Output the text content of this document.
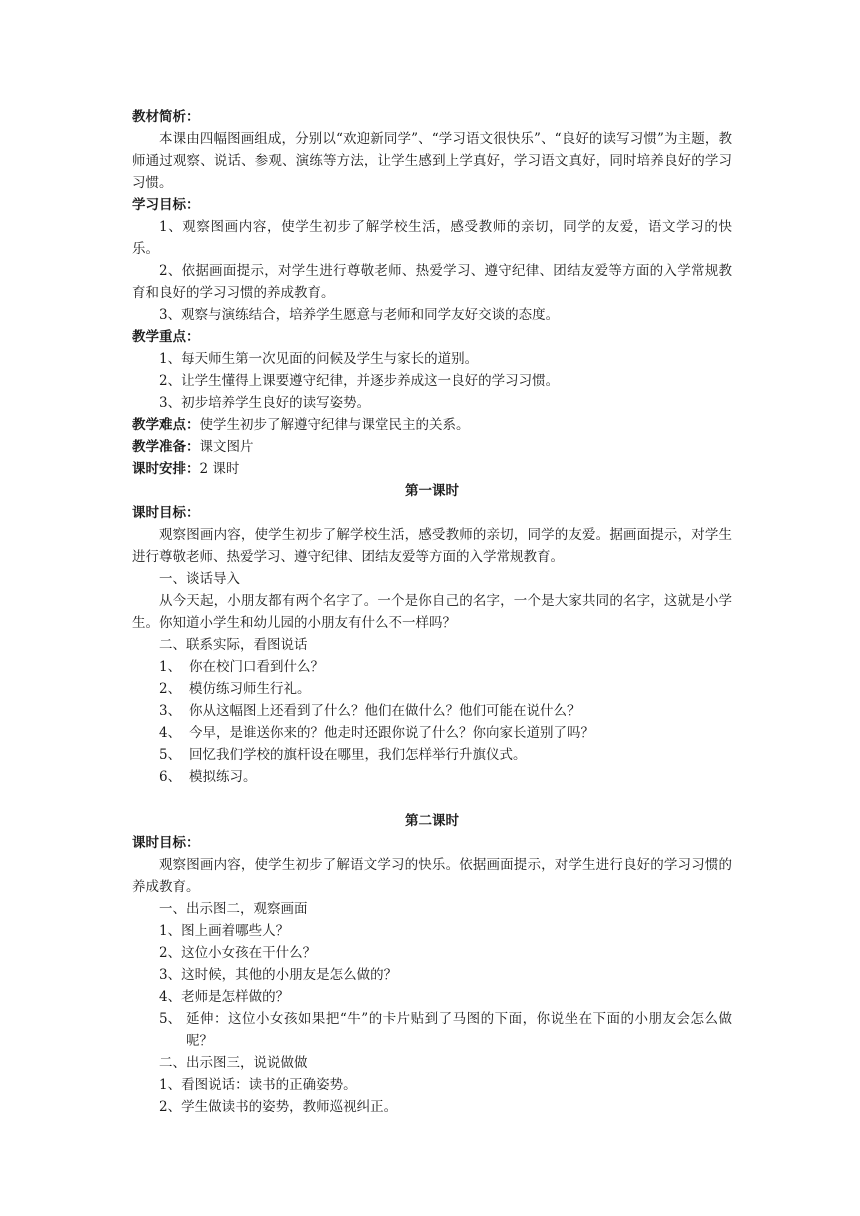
教材简析：
本课由四幅图画组成，分别以“欢迎新同学”、“学习语文很快乐”、“良好的读写习惯”为主题，教师通过观察、说话、参观、演练等方法，让学生感到上学真好，学习语文真好，同时培养良好的学习习惯。
学习目标：
1、观察图画内容，使学生初步了解学校生活，感受教师的亲切，同学的友爱，语文学习的快乐。
2、依据画面提示，对学生进行尊敬老师、热爱学习、遵守纪律、团结友爱等方面的入学常规教育和良好的学习习惯的养成教育。
3、观察与演练结合，培养学生愿意与老师和同学友好交谈的态度。
教学重点：
1、每天师生第一次见面的问候及学生与家长的道别。
2、让学生懂得上课要遵守纪律，并逐步养成这一良好的学习习惯。
3、初步培养学生良好的读写姿势。
教学难点：使学生初步了解遵守纪律与课堂民主的关系。
教学准备：课文图片
课时安排：2 课时
第一课时
课时目标：
观察图画内容，使学生初步了解学校生活，感受教师的亲切，同学的友爱。据画面提示，对学生进行尊敬老师、热爱学习、遵守纪律、团结友爱等方面的入学常规教育。
一、谈话导入
从今天起，小朋友都有两个名字了。一个是你自己的名字，一个是大家共同的名字，这就是小学生。你知道小学生和幼儿园的小朋友有什么不一样吗？
二、联系实际，看图说话
1、 你在校门口看到什么？
2、 模仿练习师生行礼。
3、 你从这幅图上还看到了什么？他们在做什么？他们可能在说什么？
4、 今早，是谁送你来的？他走时还跟你说了什么？你向家长道别了吗？
5、 回忆我们学校的旗杆设在哪里，我们怎样举行升旗仪式。
6、 模拟练习。
第二课时
课时目标：
观察图画内容，使学生初步了解语文学习的快乐。依据画面提示，对学生进行良好的学习习惯的养成教育。
一、出示图二，观察画面
1、图上画着哪些人？
2、这位小女孩在干什么？
3、这时候，其他的小朋友是怎么做的？
4、老师是怎样做的？
5、 延伸：这位小女孩如果把“牛”的卡片贴到了马图的下面，你说坐在下面的小朋友会怎么做呢？
二、出示图三，说说做做
1、看图说话：读书的正确姿势。
2、学生做读书的姿势，教师巡视纠正。
